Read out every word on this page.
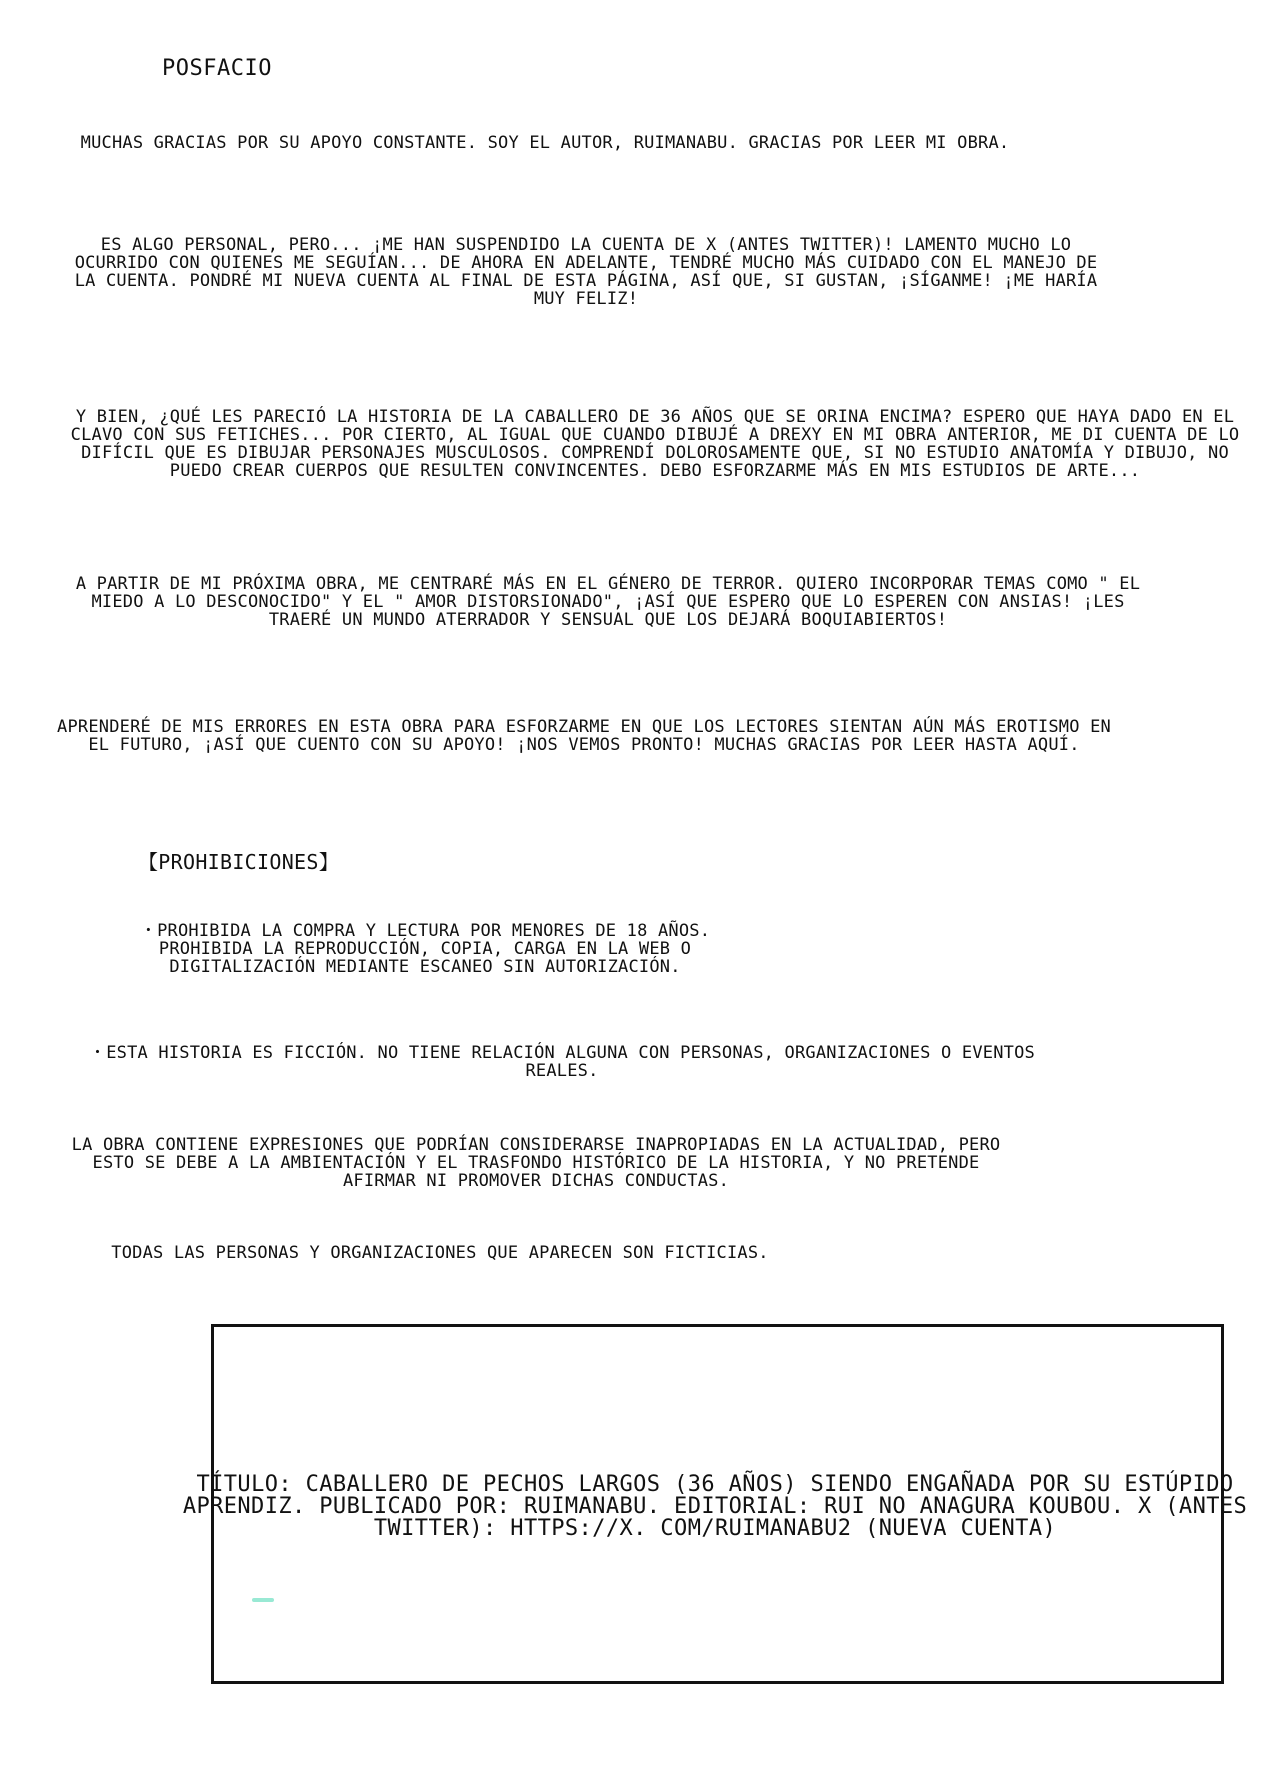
POSFACIO
MUCHAS GRACIAS POR SU APOYO CONSTANTE. SOY EL AUTOR, RUIMANABU. GRACIAS POR LEER MI OBRA.
ES ALGO PERSONAL, PERO... ¡ME HAN SUSPENDIDO LA CUENTA DE X (ANTES TWITTER)! LAMENTO MUCHO LO OCURRIDO CON QUIENES ME SEGUÍAN... DE AHORA EN ADELANTE, TENDRÉ MUCHO MÁS CUIDADO CON EL MANEJO DE LA CUENTA. PONDRÉ MI NUEVA CUENTA AL FINAL DE ESTA PÁGINA, ASÍ QUE, SI GUSTAN, ¡SÍGANME! ¡ME HARÍA MUY FELIZ!
Y BIEN, ¿QUÉ LES PARECIÓ LA HISTORIA DE LA CABALLERO DE 36 AÑOS QUE SE ORINA ENCIMA? ESPERO QUE HAYA DADO EN EL CLAVO CON SUS FETICHES... POR CIERTO, AL IGUAL QUE CUANDO DIBUJÉ A DREXY EN MI OBRA ANTERIOR, ME DI CUENTA DE LO DIFÍCIL QUE ES DIBUJAR PERSONAJES MUSCULOSOS. COMPRENDÍ DOLOROSAMENTE QUE, SI NO ESTUDIO ANATOMÍA Y DIBUJO, NO PUEDO CREAR CUERPOS QUE RESULTEN CONVINCENTES. DEBO ESFORZARME MÁS EN MIS ESTUDIOS DE ARTE...
A PARTIR DE MI PRÓXIMA OBRA, ME CENTRARÉ MÁS EN EL GÉNERO DE TERROR. QUIERO INCORPORAR TEMAS COMO " EL MIEDO A LO DESCONOCIDO" Y EL " AMOR DISTORSIONADO", ¡ASÍ QUE ESPERO QUE LO ESPEREN CON ANSIAS! ¡LES TRAERÉ UN MUNDO ATERRADOR Y SENSUAL QUE LOS DEJARÁ BOQUIABIERTOS!
APRENDERÉ DE MIS ERRORES EN ESTA OBRA PARA ESFORZARME EN QUE LOS LECTORES SIENTAN AÚN MÁS EROTISMO EN EL FUTURO, ¡ASÍ QUE CUENTO CON SU APOYO! ¡NOS VEMOS PRONTO! MUCHAS GRACIAS POR LEER HASTA AQUÍ.
【PROHIBICIONES】
・PROHIBIDA LA COMPRA Y LECTURA POR MENORES DE 18 AÑOS. PROHIBIDA LA REPRODUCCIÓN, COPIA, CARGA EN LA WEB O DIGITALIZACIÓN MEDIANTE ESCANEO SIN AUTORIZACIÓN.
・ESTA HISTORIA ES FICCIÓN. NO TIENE RELACIÓN ALGUNA CON PERSONAS, ORGANIZACIONES O EVENTOS REALES.
LA OBRA CONTIENE EXPRESIONES QUE PODRÍAN CONSIDERARSE INAPROPIADAS EN LA ACTUALIDAD, PERO ESTO SE DEBE A LA AMBIENTACIÓN Y EL TRASFONDO HISTÓRICO DE LA HISTORIA, Y NO PRETENDE AFIRMAR NI PROMOVER DICHAS CONDUCTAS.
TODAS LAS PERSONAS Y ORGANIZACIONES QUE APARECEN SON FICTICIAS.
TÍTULO: CABALLERO DE PECHOS LARGOS (36 AÑOS) SIENDO ENGAÑADA POR SU ESTÚPIDO APRENDIZ. PUBLICADO POR: RUIMANABU. EDITORIAL: RUI NO ANAGURA KOUBOU. X (ANTES TWITTER): HTTPS://X. COM/RUIMANABU2 (NUEVA CUENTA)
